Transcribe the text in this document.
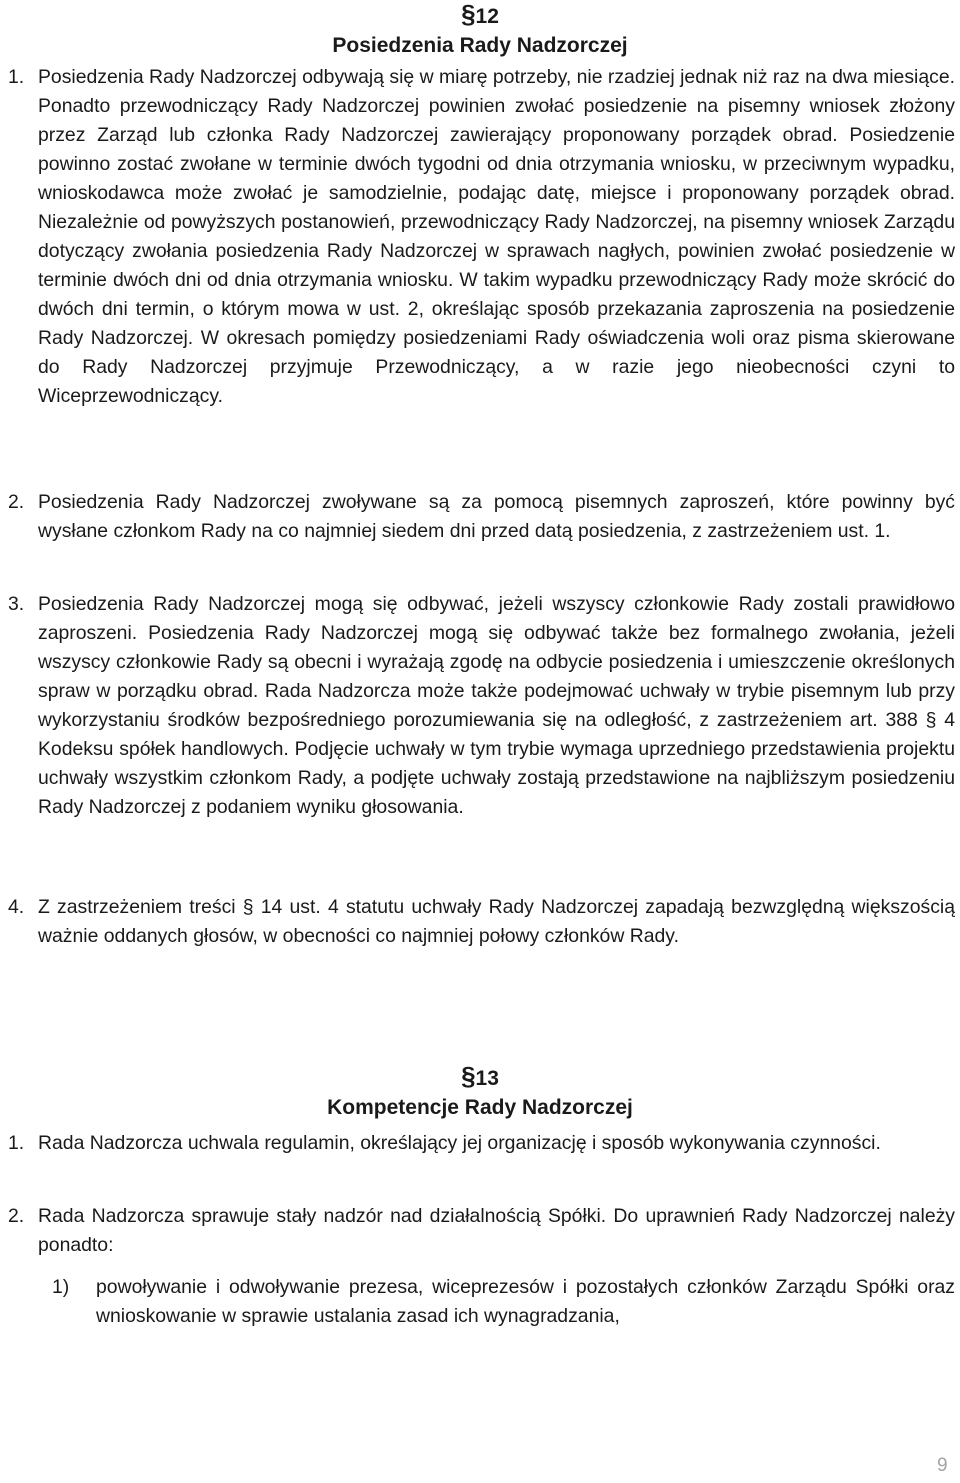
§12
Posiedzenia Rady Nadzorczej
1. Posiedzenia Rady Nadzorczej odbywają się w miarę potrzeby, nie rzadziej jednak niż raz na dwa miesiące. Ponadto przewodniczący Rady Nadzorczej powinien zwołać posiedzenie na pisemny wniosek złożony przez Zarząd lub członka Rady Nadzorczej zawierający proponowany porządek obrad. Posiedzenie powinno zostać zwołane w terminie dwóch tygodni od dnia otrzymania wniosku, w przeciwnym wypadku, wnioskodawca może zwołać je samodzielnie, podając datę, miejsce i proponowany porządek obrad. Niezależnie od powyższych postanowień, przewodniczący Rady Nadzorczej, na pisemny wniosek Zarządu dotyczący zwołania posiedzenia Rady Nadzorczej w sprawach nagłych, powinien zwołać posiedzenie w terminie dwóch dni od dnia otrzymania wniosku. W takim wypadku przewodniczący Rady może skrócić do dwóch dni termin, o którym mowa w ust. 2, określając sposób przekazania zaproszenia na posiedzenie Rady Nadzorczej. W okresach pomiędzy posiedzeniami Rady oświadczenia woli oraz pisma skierowane do Rady Nadzorczej przyjmuje Przewodniczący, a w razie jego nieobecności czyni to Wiceprzewodniczący.
2. Posiedzenia Rady Nadzorczej zwoływane są za pomocą pisemnych zaproszeń, które powinny być wysłane członkom Rady na co najmniej siedem dni przed datą posiedzenia, z zastrzeżeniem ust. 1.
3. Posiedzenia Rady Nadzorczej mogą się odbywać, jeżeli wszyscy członkowie Rady zostali prawidłowo zaproszeni. Posiedzenia Rady Nadzorczej mogą się odbywać także bez formalnego zwołania, jeżeli wszyscy członkowie Rady są obecni i wyrażają zgodę na odbycie posiedzenia i umieszczenie określonych spraw w porządku obrad. Rada Nadzorcza może także podejmować uchwały w trybie pisemnym lub przy wykorzystaniu środków bezpośredniego porozumiewania się na odległość, z zastrzeżeniem art. 388 § 4 Kodeksu spółek handlowych. Podjęcie uchwały w tym trybie wymaga uprzedniego przedstawienia projektu uchwały wszystkim członkom Rady, a podjęte uchwały zostają przedstawione na najbliższym posiedzeniu Rady Nadzorczej z podaniem wyniku głosowania.
4. Z zastrzeżeniem treści § 14 ust. 4 statutu uchwały Rady Nadzorczej zapadają bezwzględną większością ważnie oddanych głosów, w obecności co najmniej połowy członków Rady.
§13
Kompetencje Rady Nadzorczej
1. Rada Nadzorcza uchwala regulamin, określający jej organizację i sposób wykonywania czynności.
2. Rada Nadzorcza sprawuje stały nadzór nad działalnością Spółki. Do uprawnień Rady Nadzorczej należy ponadto:
1) powoływanie i odwoływanie prezesa, wiceprezesów i pozostałych członków Zarządu Spółki oraz wnioskowanie w sprawie ustalania zasad ich wynagradzania,
9
